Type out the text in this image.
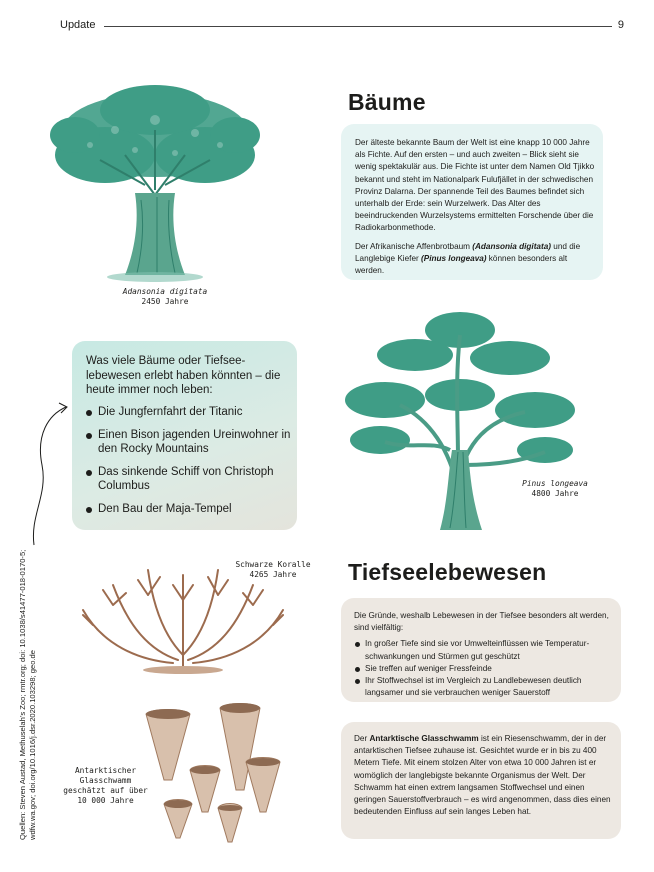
Update	9
Adansonia digitata
2450 Jahre
Bäume

Der älteste bekannte Baum der Welt ist eine knapp 10 000 Jahre als Fichte. Auf den ersten – und auch zweiten – Blick sieht sie wenig spektakulär aus. Die Fichte ist unter dem Namen Old Tjikko bekannt und steht im Nationalpark Fulufjället in der schwedischen Provinz Dalarna. Der spannende Teil des Baumes befindet sich unterhalb der Erde: sein Wurzelwerk. Das Alter des beeindruckenden Wurzelsystems ermittelten Forschende über die Radiokarbonmethode.

Der Afrikanische Affenbrotbaum (Adansonia digitata) und die Langlebige Kiefer (Pinus longeava) können besonders alt werden.

Was viele Bäume oder Tiefseelebewesen erlebt haben könnten – die heute immer noch leben:
Die Jungfernfahrt der Titanic
Einen Bison jagenden Ureinwohner in den Rocky Mountains
Das sinkende Schiff von Christoph Columbus
Den Bau der Maja-Tempel
Pinus longeava
4800 Jahre
Schwarze Koralle
4265 Jahre
Antarktischer
Glasschwamm
geschätzt auf über
10 000 Jahre
Tiefseelebewesen
Die Gründe, weshalb Lebewesen in der Tiefsee besonders alt werden, sind vielfältig:
In großer Tiefe sind sie vor Umwelteinflüssen wie Temperaturschwankungen und Stürmen gut geschützt
Sie treffen auf weniger Fressfeinde
Ihr Stoffwechsel ist im Vergleich zu Landlebewesen deutlich langsamer und sie verbrauchen weniger Sauerstoff
Der Antarktische Glasschwamm ist ein Riesenschwamm, der in der antarktischen Tiefsee zuhause ist. Gesichtet wurde er in bis zu 400 Metern Tiefe. Mit einem stolzen Alter von etwa 10 000 Jahren ist er womöglich der langlebigste bekannte Organismus der Welt. Der Schwamm hat einen extrem langsamen Stoffwechsel und einen geringen Sauerstoffverbrauch – es wird angenommen, dass dies einen bedeutenden Einfluss auf sein langes Leben hat.
Quellen: Steven Austad, Methuselah’s Zoo; rmtr.org; doi: 10.1038/s41477-018-0170-5; wdfw.wa.gov; doi.org/10.1016/j.dsr.2020.103298; geo.de
